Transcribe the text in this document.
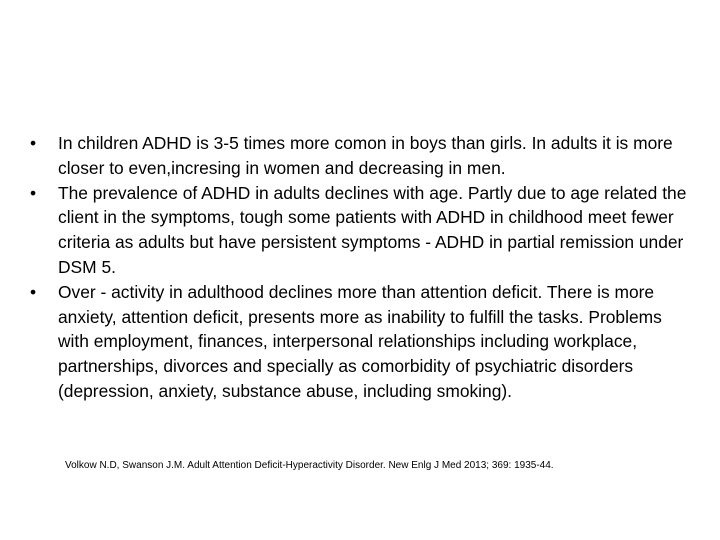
•	In children ADHD is 3-5 times more comon in boys than girls. In adults it is more closer to even,incresing in women and decreasing in men.
•	The prevalence of ADHD in adults declines with age. Partly due to age related the client in the symptoms, tough some patients with ADHD in childhood meet fewer criteria as adults but have persistent symptoms - ADHD in partial remission under DSM 5.
•	Over - activity in adulthood declines more than attention deficit. There is more anxiety, attention deficit, presents more as inability to fulfill the tasks. Problems with employment, finances, interpersonal relationships including workplace, partnerships, divorces and specially as comorbidity of psychiatric disorders (depression, anxiety, substance abuse, including smoking).
Volkow N.D, Swanson J.M. Adult Attention Deficit-Hyperactivity Disorder. New Enlg J Med 2013; 369: 1935-44.
